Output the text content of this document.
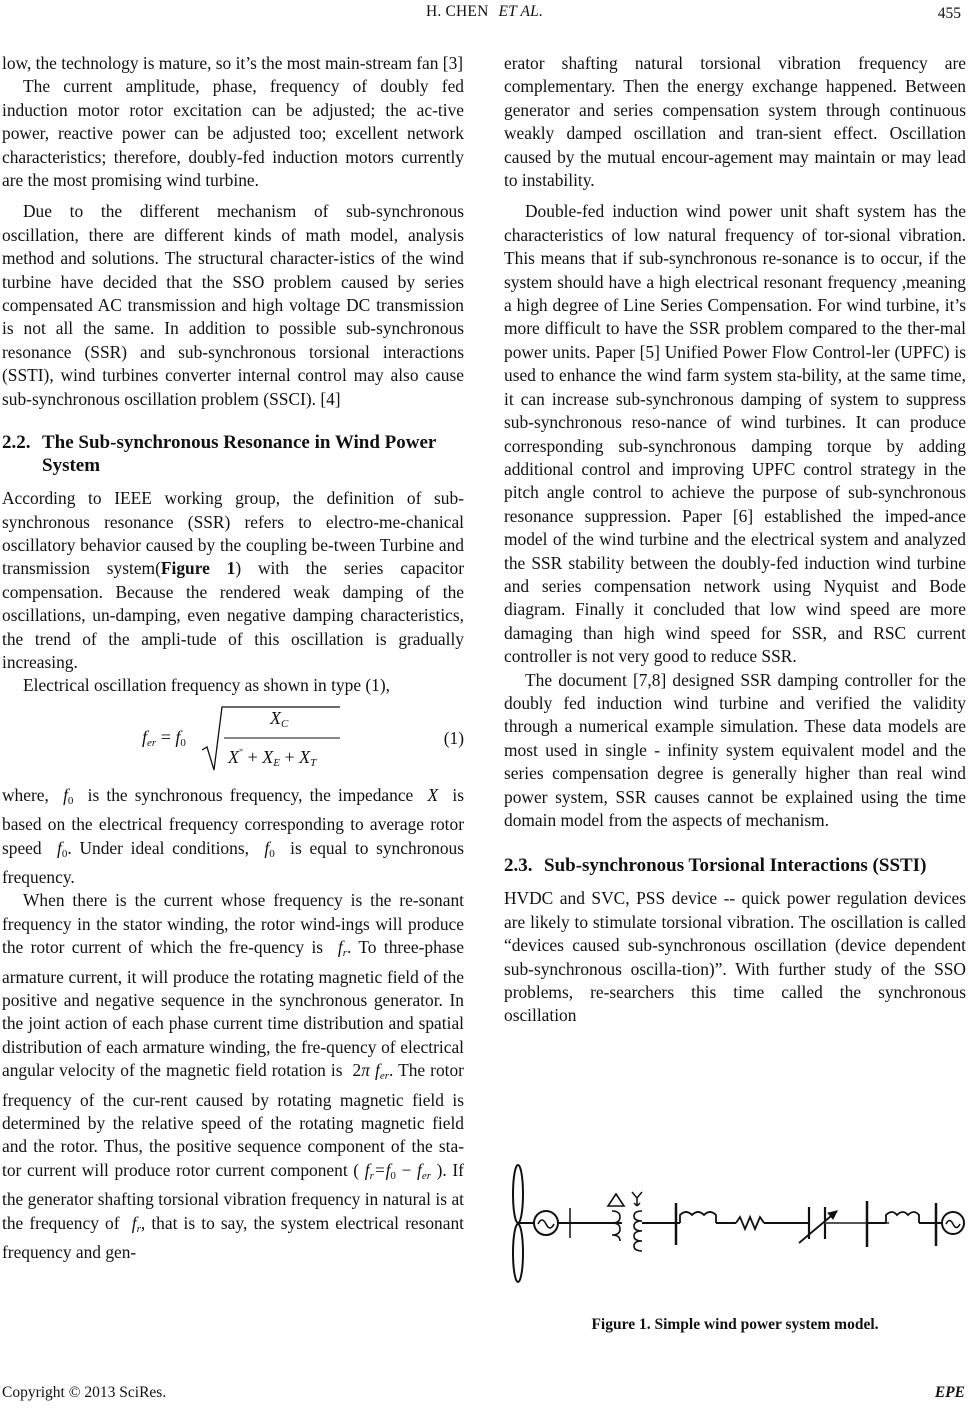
H. CHEN ET AL.	455

low, the technology is mature, so it’s the most main-stream fan [3]

The current amplitude, phase, frequency of doubly fed induction motor rotor excitation can be adjusted; the ac-tive power, reactive power can be adjusted too; excellent network characteristics; therefore, doubly-fed induction motors currently are the most promising wind turbine.

Due to the different mechanism of sub-synchronous oscillation, there are different kinds of math model, analysis method and solutions. The structural character-istics of the wind turbine have decided that the SSO problem caused by series compensated AC transmission and high voltage DC transmission is not all the same. In addition to possible sub-synchronous resonance (SSR) and sub-synchronous torsional interactions (SSTI), wind turbines converter internal control may also cause sub-synchronous oscillation problem (SSCI). [4]

2.2. The Sub-synchronous Resonance in Wind Power System

According to IEEE working group, the definition of sub-synchronous resonance (SSR) refers to electro-me-chanical oscillatory behavior caused by the coupling be-tween Turbine and transmission system(Figure 1) with the series capacitor compensation. Because the rendered weak damping of the oscillations, un-damping, even negative damping characteristics, the trend of the ampli-tude of this oscillation is gradually increasing.

Electrical oscillation frequency as shown in type (1),

$f_{er} = f_0$
$X_C$
$X^" + X_E + X_T$
(1)

where, $f_0$ is the synchronous frequency, the impedance  X  is based on the electrical frequency corresponding to average rotor speed $f_0$. Under ideal conditions, $f_0$ is equal to synchronous frequency.

When there is the current whose frequency is the re-sonant frequency in the stator winding, the rotor wind-ings will produce the rotor current of which the fre-quency is $f_r$. To three-phase armature current, it will produce the rotating magnetic field of the positive and negative sequence in the synchronous generator. In the joint action of each phase current time distribution and spatial distribution of each armature winding, the fre-quency of electrical angular velocity of the magnetic field rotation is 2π $f_{er}$. The rotor frequency of the cur-rent caused by rotating magnetic field is determined by the relative speed of the rotating magnetic field and the rotor. Thus, the positive sequence component of the sta-tor current will produce rotor current component ( $f_r=f_0 - f_{er}$ ). If the generator shafting torsional vibration frequency in natural is at the frequency of $f_r$, that is to say, the system electrical resonant frequency and gen-

erator shafting natural torsional vibration frequency are complementary. Then the energy exchange happened. Between generator and series compensation system through continuous weakly damped oscillation and tran-sient effect. Oscillation caused by the mutual encour-agement may maintain or may lead to instability.

Double-fed induction wind power unit shaft system has the characteristics of low natural frequency of tor-sional vibration. This means that if sub-synchronous re-sonance is to occur, if the system should have a high electrical resonant frequency ,meaning a high degree of Line Series Compensation. For wind turbine, it’s more difficult to have the SSR problem compared to the ther-mal power units. Paper [5] Unified Power Flow Control-ler (UPFC) is used to enhance the wind farm system sta-bility, at the same time, it can increase sub-synchronous damping of system to suppress sub-synchronous reso-nance of wind turbines. It can produce corresponding sub-synchronous damping torque by adding additional control and improving UPFC control strategy in the pitch angle control to achieve the purpose of sub-synchronous resonance suppression. Paper [6] established the imped-ance model of the wind turbine and the electrical system and analyzed the SSR stability between the doubly-fed induction wind turbine and series compensation network using Nyquist and Bode diagram. Finally it concluded that low wind speed are more damaging than high wind speed for SSR, and RSC current controller is not very good to reduce SSR.

The document [7,8] designed SSR damping controller for the doubly fed induction wind turbine and verified the validity through a numerical example simulation. These data models are most used in single - infinity system equivalent model and the series compensation degree is generally higher than real wind power system, SSR causes cannot be explained using the time domain model from the aspects of mechanism.

2.3. Sub-synchronous Torsional Interactions (SSTI)

HVDC and SVC, PSS device -- quick power regulation devices are likely to stimulate torsional vibration. The oscillation is called “devices caused sub-synchronous oscillation (device dependent sub-synchronous oscilla-tion)”. With further study of the SSO problems, re-searchers this time called the synchronous oscillation

Figure 1. Simple wind power system model.
Copyright © 2013 SciRes.	EPE
